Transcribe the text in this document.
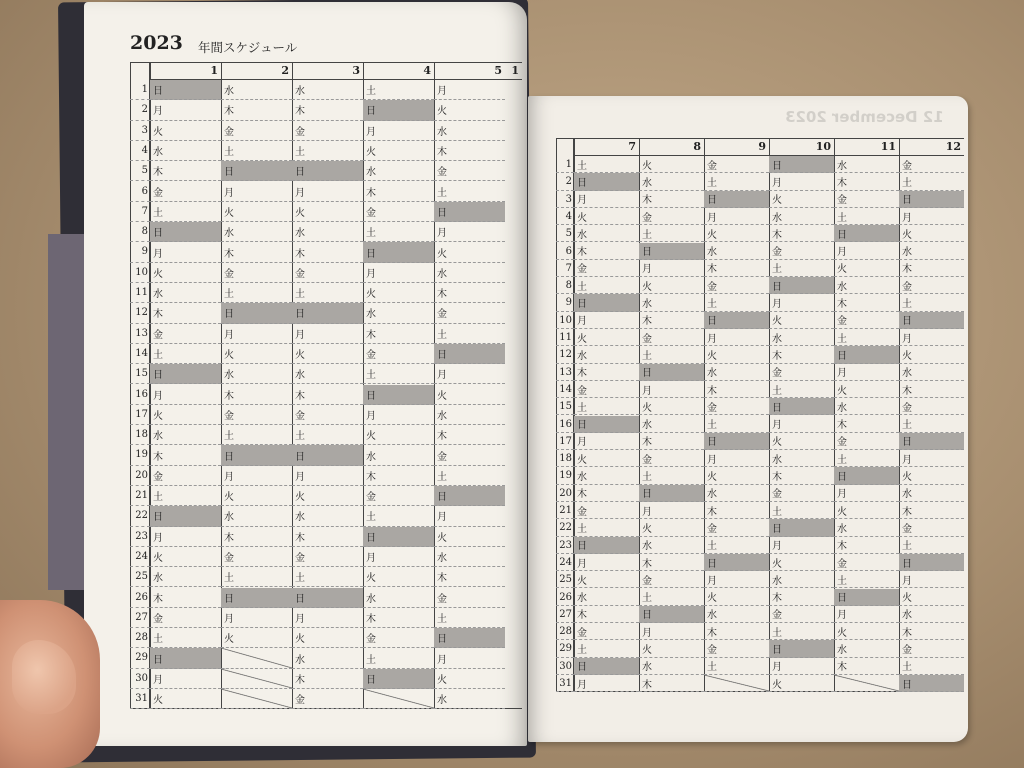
2023 年間スケジュール
1
2
3
4
5
6
7
8
9
10
11
12
13
14
15
16
17
18
19
20
21
22
23
24
25
26
27
28
29
30
31
1
日
月
火
水
木
金
土
日
月
火
水
木
金
土
日
月
火
水
木
金
土
日
月
火
水
木
金
土
日
月
火
2
水
木
金
土
日
月
火
水
木
金
土
日
月
火
水
木
金
土
日
月
火
水
木
金
土
日
月
火
3
水
木
金
土
日
月
火
水
木
金
土
日
月
火
水
木
金
土
日
月
火
水
木
金
土
日
月
火
水
木
金
4
土
日
月
火
水
木
金
土
日
月
火
水
木
金
土
日
月
火
水
木
金
土
日
月
火
水
木
金
土
日
5
月
火
水
木
金
土
日
月
火
水
木
金
土
日
月
火
水
木
金
土
日
月
火
水
木
金
土
日
月
火
水
1
12 December 2023
1
2
3
4
5
6
7
8
9
10
11
12
13
14
15
16
17
18
19
20
21
22
23
24
25
26
27
28
29
30
31
7
土
日
月
火
水
木
金
土
日
月
火
水
木
金
土
日
月
火
水
木
金
土
日
月
火
水
木
金
土
日
月
8
火
水
木
金
土
日
月
火
水
木
金
土
日
月
火
水
木
金
土
日
月
火
水
木
金
土
日
月
火
水
木
9
金
土
日
月
火
水
木
金
土
日
月
火
水
木
金
土
日
月
火
水
木
金
土
日
月
火
水
木
金
土
10
日
月
火
水
木
金
土
日
月
火
水
木
金
土
日
月
火
水
木
金
土
日
月
火
水
木
金
土
日
月
火
11
水
木
金
土
日
月
火
水
木
金
土
日
月
火
水
木
金
土
日
月
火
水
木
金
土
日
月
火
水
木
12
金
土
日
月
火
水
木
金
土
日
月
火
水
木
金
土
日
月
火
水
木
金
土
日
月
火
水
木
金
土
日
